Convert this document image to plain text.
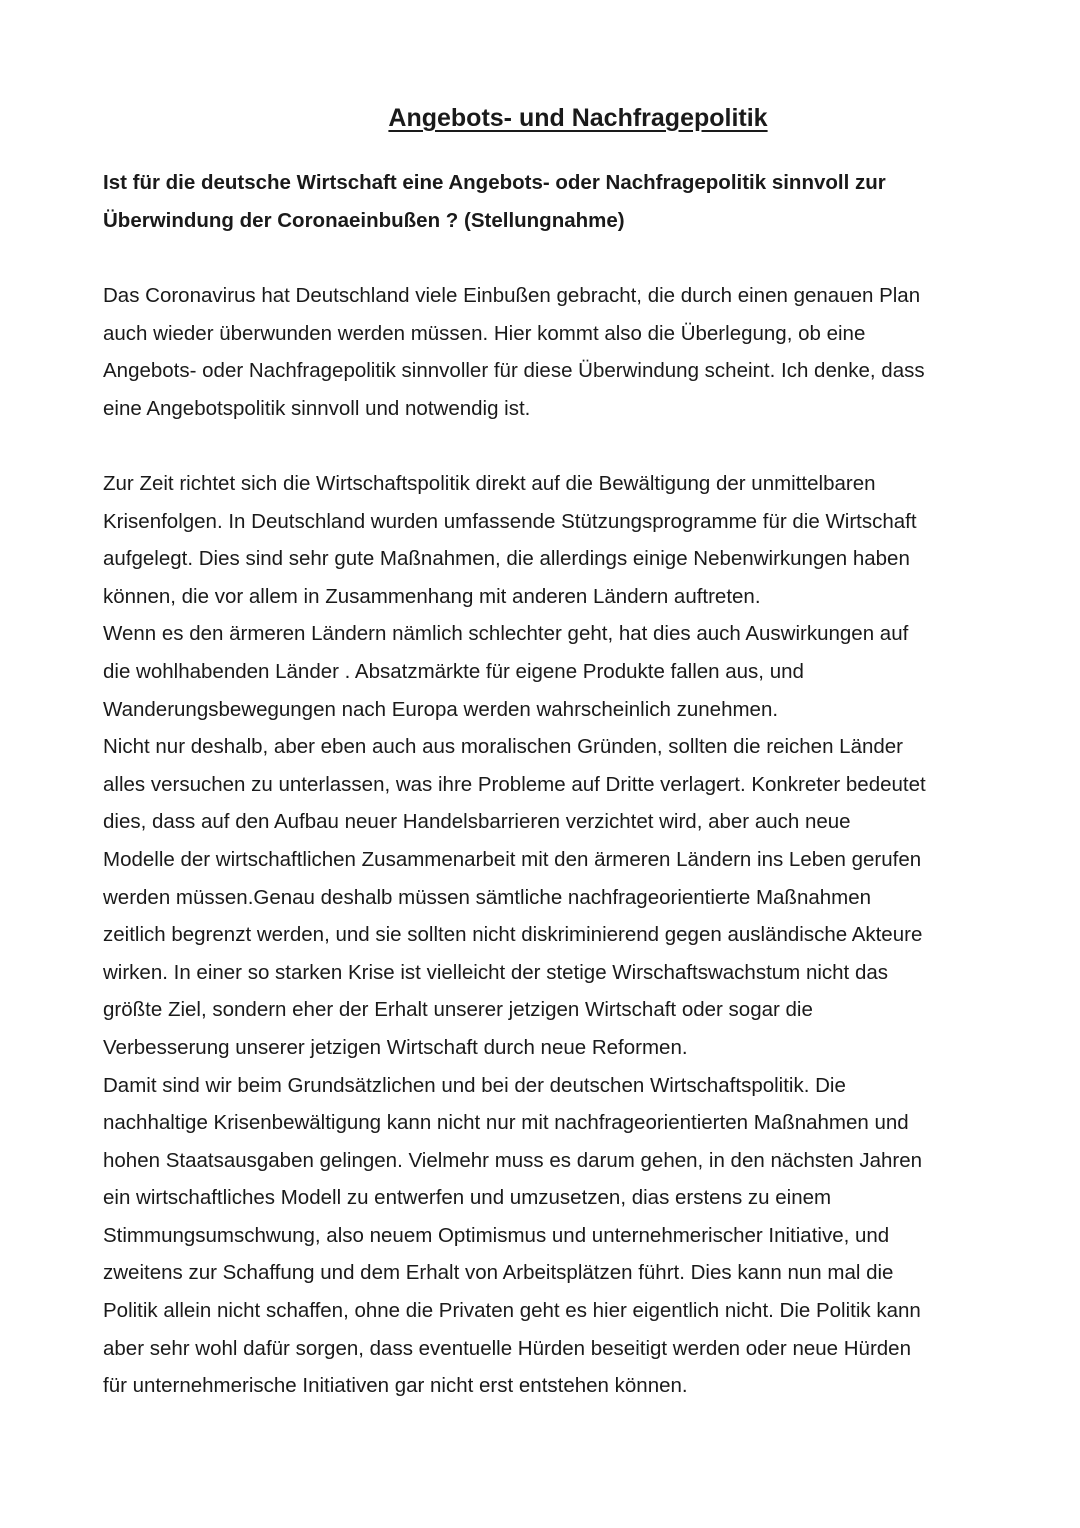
Angebots- und Nachfragepolitik
Ist für die deutsche Wirtschaft eine Angebots- oder Nachfragepolitik sinnvoll zur
Überwindung der Coronaeinbußen ? (Stellungnahme)

Das Coronavirus hat Deutschland viele Einbußen gebracht, die durch einen genauen Plan
auch wieder überwunden werden müssen. Hier kommt also die Überlegung, ob eine
Angebots- oder Nachfragepolitik sinnvoller für diese Überwindung scheint. Ich denke, dass
eine Angebotspolitik sinnvoll und notwendig ist.

Zur Zeit richtet sich die Wirtschaftspolitik direkt auf die Bewältigung der unmittelbaren
Krisenfolgen. In Deutschland wurden umfassende Stützungsprogramme für die Wirtschaft
aufgelegt. Dies sind sehr gute Maßnahmen, die allerdings einige Nebenwirkungen haben
können, die vor allem in Zusammenhang mit anderen Ländern auftreten.
Wenn es den ärmeren Ländern nämlich schlechter geht, hat dies auch Auswirkungen auf
die wohlhabenden Länder . Absatzmärkte für eigene Produkte fallen aus, und
Wanderungsbewegungen nach Europa werden wahrscheinlich zunehmen.
Nicht nur deshalb, aber eben auch aus moralischen Gründen, sollten die reichen Länder
alles versuchen zu unterlassen, was ihre Probleme auf Dritte verlagert. Konkreter bedeutet
dies, dass auf den Aufbau neuer Handelsbarrieren verzichtet wird, aber auch neue
Modelle der wirtschaftlichen Zusammenarbeit mit den ärmeren Ländern ins Leben gerufen
werden müssen.Genau deshalb müssen sämtliche nachfrageorientierte Maßnahmen
zeitlich begrenzt werden, und sie sollten nicht diskriminierend gegen ausländische Akteure
wirken. In einer so starken Krise ist vielleicht der stetige Wirschaftswachstum nicht das
größte Ziel, sondern eher der Erhalt unserer jetzigen Wirtschaft oder sogar die
Verbesserung unserer jetzigen Wirtschaft durch neue Reformen.
Damit sind wir beim Grundsätzlichen und bei der deutschen Wirtschaftspolitik. Die
nachhaltige Krisenbewältigung kann nicht nur mit nachfrageorientierten Maßnahmen und
hohen Staatsausgaben gelingen. Vielmehr muss es darum gehen, in den nächsten Jahren
ein wirtschaftliches Modell zu entwerfen und umzusetzen, dias erstens zu einem
Stimmungsumschwung, also neuem Optimismus und unternehmerischer Initiative, und
zweitens zur Schaffung und dem Erhalt von Arbeitsplätzen führt. Dies kann nun mal die
Politik allein nicht schaffen, ohne die Privaten geht es hier eigentlich nicht. Die Politik kann
aber sehr wohl dafür sorgen, dass eventuelle Hürden beseitigt werden oder neue Hürden
für unternehmerische Initiativen gar nicht erst entstehen können.
